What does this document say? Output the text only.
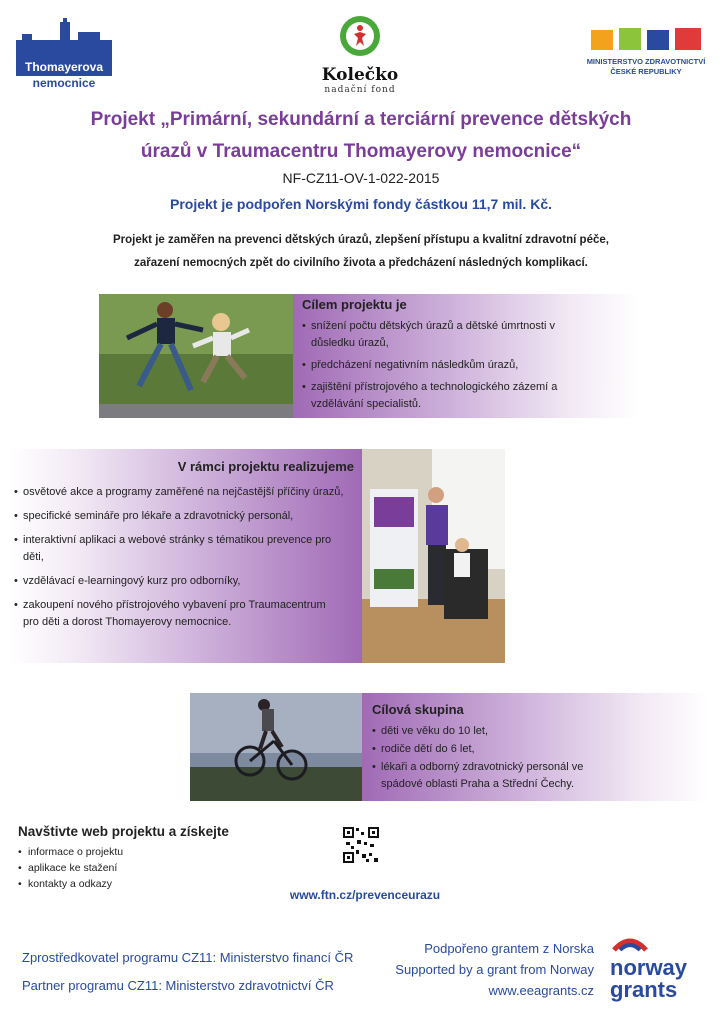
Thomayerova
nemocnice	Kolečko
nadační fond
MINISTERSTVO ZDRAVOTNICTVÍ
ČESKÉ REPUBLIKY
Projekt „Primární, sekundární a terciární prevence dětských
úrazů v Traumacentru Thomayerovy nemocnice“
NF-CZ11-OV-1-022-2015
Projekt je podpořen Norskými fondy částkou 11,7 mil. Kč.
Projekt je zaměřen na prevenci dětských úrazů, zlepšení přístupu a kvalitní zdravotní péče,
zařazení nemocných zpět do civilního života a předcházení následných komplikací.
Cílem projektu je
• snížení počtu dětských úrazů a dětské úmrtnosti v důsledku úrazů,
• předcházení negativním následkům úrazů,
• zajištění přístrojového a technologického zázemí a vzdělávání specialistů.
V rámci projektu realizujeme
• osvětové akce a programy zaměřené na nejčastější příčiny úrazů,
• specifické semináře pro lékaře a zdravotnický personál,
• interaktivní aplikaci a webové stránky s tématikou prevence pro děti,
• vzdělávací e-learningový kurz pro odborníky,
• zakoupení nového přístrojového vybavení pro Traumacentrum pro děti a dorost Thomayerovy nemocnice.
Cílová skupina
• děti ve věku do 10 let,
• rodiče dětí do 6 let,
• lékaři a odborný zdravotnický personál ve spádové oblasti Praha a Střední Čechy.
Navštivte web projektu a získejte
• informace o projektu
• aplikace ke stažení
• kontakty a odkazy
www.ftn.cz/prevenceurazu
Zprostředkovatel programu CZ11: Ministerstvo financí ČR
Partner programu CZ11: Ministerstvo zdravotnictví ČR
Podpořeno grantem z Norska
Supported by a grant from Norway
www.eeagrants.cz
norway
grants
